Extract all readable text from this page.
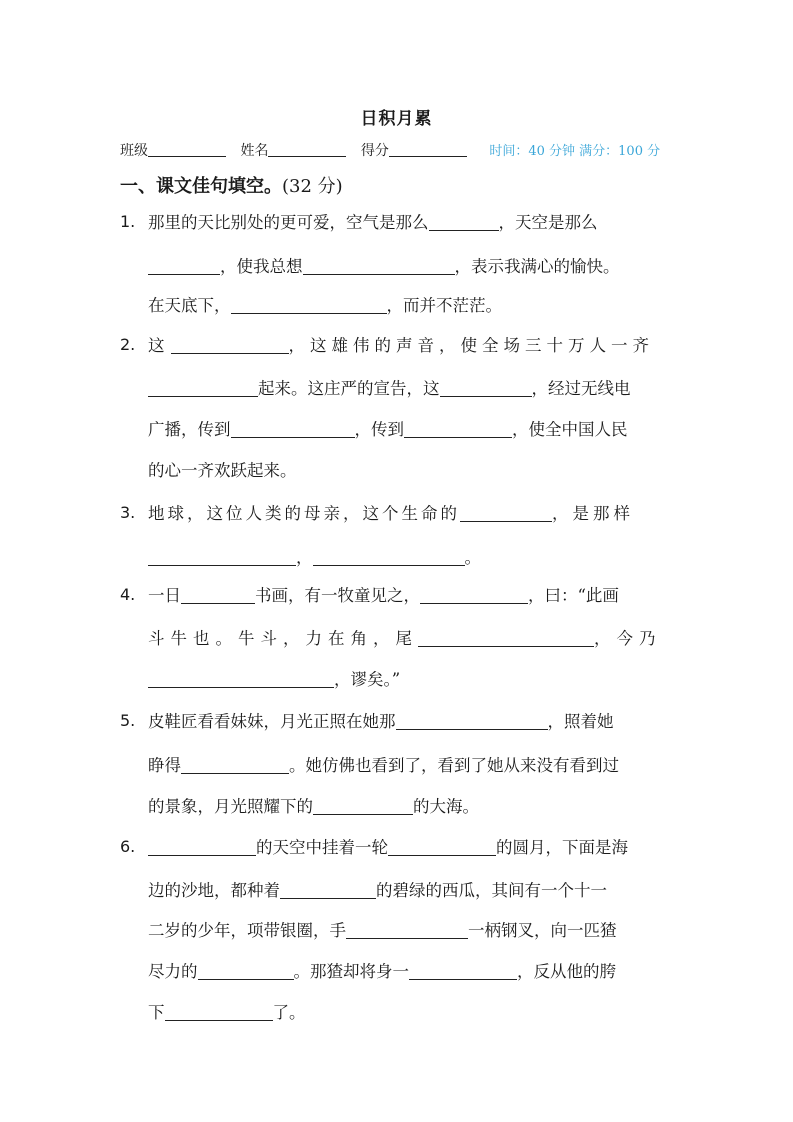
日积月累
班级	姓名	得分	时间：40 分钟 满分：100 分
一、课文佳句填空。(32 分)
1. 那里的天比别处的更可爱，空气是那么	，天空是那么
，使我总想	，表示我满心的愉快。
在天底下，	，而并不茫茫。
2. 这	，这雄伟的声音，使全场三十万人一齐
起来。这庄严的宣告，这	，经过无线电
广播，传到	，传到	，使全中国人民
的心一齐欢跃起来。
3. 地球，这位人类的母亲，这个生命的	，是那样
，	。
4. 一日	书画，有一牧童见之，	，曰：“此画
斗牛也。牛斗，力在角，尾	，今乃
，谬矣。”
5. 皮鞋匠看看妹妹，月光正照在她那	，照着她
睁得	。她仿佛也看到了，看到了她从来没有看到过
的景象，月光照耀下的	的大海。
6.	的天空中挂着一轮	的圆月，下面是海
边的沙地，都种着	的碧绿的西瓜，其间有一个十一
二岁的少年，项带银圈，手	一柄钢叉，向一匹猹
尽力的	。那猹却将身一	，反从他的胯
下	了。
